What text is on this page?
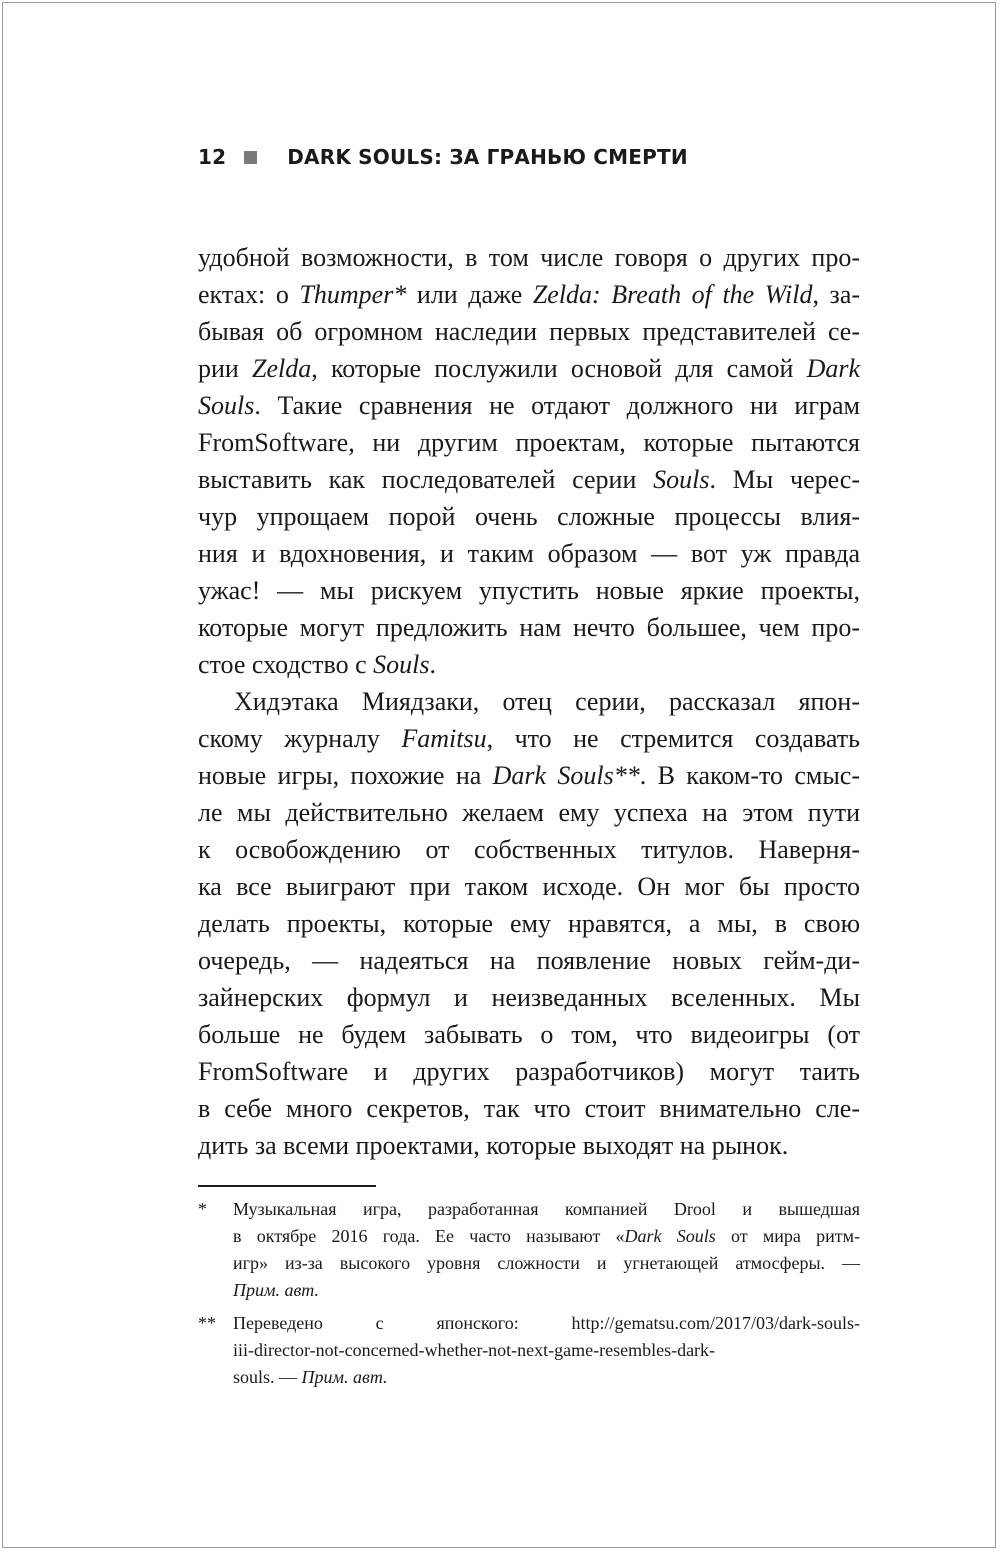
12	DARK SOULS: ЗА ГРАНЬЮ СМЕРТИ
удобной возможности, в том числе говоря о других про-
ектах: о Thumper* или даже Zelda: Breath of the Wild, за-
бывая об огромном наследии первых представителей се-
рии Zelda, которые послужили основой для самой Dark
Souls. Такие сравнения не отдают должного ни играм
FromSoftware, ни другим проектам, которые пытаются
выставить как последователей серии Souls. Мы черес-
чур упрощаем порой очень сложные процессы влия-
ния и вдохновения, и таким образом — вот уж правда
ужас! — мы рискуем упустить новые яркие проекты,
которые могут предложить нам нечто большее, чем про-
стое сходство с Souls.
Хидэтака Миядзаки, отец серии, рассказал япон-
скому журналу Famitsu, что не стремится создавать
новые игры, похожие на Dark Souls**. В каком-то смыс-
ле мы действительно желаем ему успеха на этом пути
к освобождению от собственных титулов. Наверня-
ка все выиграют при таком исходе. Он мог бы просто
делать проекты, которые ему нравятся, а мы, в свою
очередь, — надеяться на появление новых гейм-ди-
зайнерских формул и неизведанных вселенных. Мы
больше не будем забывать о том, что видеоигры (от
FromSoftware и других разработчиков) могут таить
в себе много секретов, так что стоит внимательно сле-
дить за всеми проектами, которые выходят на рынок.
* Музыкальная игра, разработанная компанией Drool и вышедшая
в октябре 2016 года. Ее часто называют «Dark Souls от мира ритм-
игр» из-за высокого уровня сложности и угнетающей атмосферы. —
Прим. авт.
** Переведено с японского: http://gematsu.com/2017/03/dark-souls-
iii-director-not-concerned-whether-not-next-game-resembles-dark-
souls. — Прим. авт.
